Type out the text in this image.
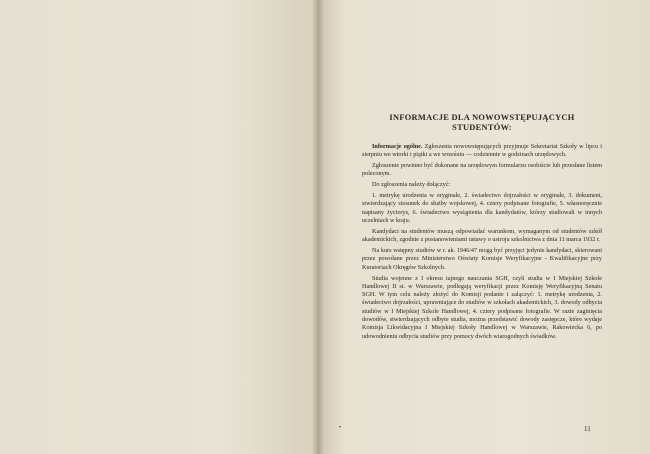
INFORMACJE DLA NOWOWSTĘPUJĄCYCH STUDENTÓW:

Informacje ogólne. Zgłoszenia nowowstępujących przyjmuje Sekretariat Szkoły w lipcu i sierpniu we wtorki i piątki a we wrześniu — codziennie w godzinach urzędowych.

Zgłoszenie powinno być dokonane na urzędowym formularzu osobiście lub przesłane listem poleconym.

Do zgłoszenia należy dołączyć:

1. metrykę urodzenia w oryginale, 2. świadectwo dojrzałości w oryginale, 3. dokument, stwierdzający stosunek do służby wojskowej, 4. cztery podpisane fotografie, 5. własnoręcznie napisany życiorys, 6. świadectwo wystąpienia dla kandydatów, którzy studiowali w innych uczelniach w kraju.

Kandydaci na studentów muszą odpowiadać warunkom, wymaganym od studentów szkół akademickich, zgodnie z postanowieniami ustawy o ustroju szkolnictwa z dnia 11 marca 1932 r.

Na kurs wstępny studiów w r. ak. 1946/47 mogą być przyjęci jedynie kandydaci, skierowani przez powołane przez Ministerstwo Oświaty Komisje Weryfikacyjne - Kwalifikacyjne przy Kuratoriach Okręgów Szkolnych.

Studia wojenne z I okresu tajnego nauczania SGH, czyli studia w I Miejskiej Szkole Handlowej II st. w Warszawie, podlegają weryfikacji przez Komisję Weryfikacyjną Senatu SGH. W tym celu należy złożyć do Komisji podanie i załączyć: 1. metrykę urodzenia, 2. świadectwo dojrzałości, uprawniające do studiów w szkołach akademickich, 3. dowody odbycia studiów w I Miejskiej Szkole Handlowej, 4. cztery podpisane fotografie. W razie zaginięcia dowodów, stwierdzających odbyte studia, można przedstawić dowody zastępcze, które wydaje Komisja Likwidacyjna I Miejskiej Szkoły Handlowej w Warszawie, Rakowiecka 6, po udowodnieniu odbycia studiów przy pomocy dwóch wiarogodnych świadków.

•	11
